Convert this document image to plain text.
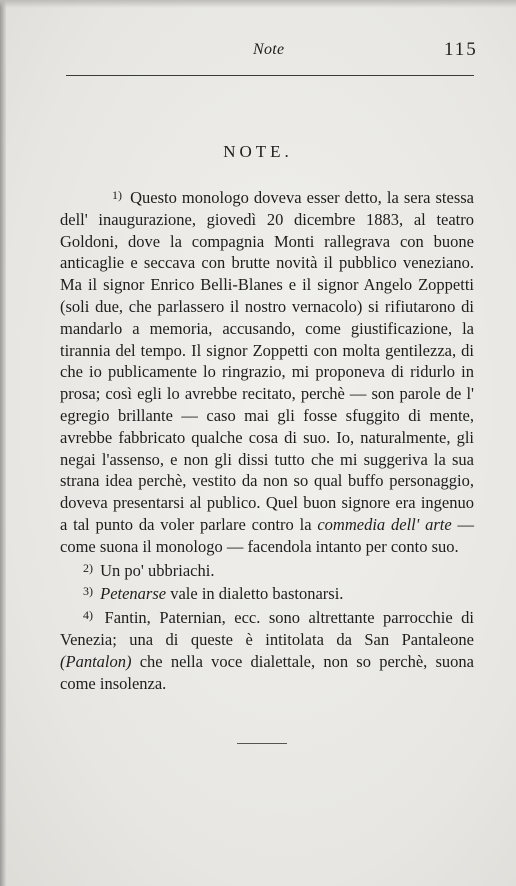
Note	115
NOTE.

$^{1)}$ Questo monologo doveva esser detto, la sera stessa dell' inaugurazione, giovedì 20 dicembre 1883, al teatro Goldoni, dove la compagnia Monti rallegrava con buone anticaglie e seccava con brutte novità il pubblico veneziano. Ma il signor Enrico Belli-Blanes e il signor Angelo Zoppetti (soli due, che parlassero il nostro vernacolo) si rifiutarono di mandarlo a memoria, accusando, come giustificazione, la tirannia del tempo. Il signor Zoppetti con molta gentilezza, di che io publicamente lo ringrazio, mi proponeva di ridurlo in prosa; così egli lo avrebbe recitato, perchè — son parole de l' egregio brillante — caso mai gli fosse sfuggito di mente, avrebbe fabbricato qualche cosa di suo. Io, naturalmente, gli negai l'assenso, e non gli dissi tutto che mi suggeriva la sua strana idea perchè, vestito da non so qual buffo personaggio, doveva presentarsi al publico. Quel buon signore era ingenuo a tal punto da voler parlare contro la commedia dell' arte — come suona il monologo — facendola intanto per conto suo.

$^{2)}$ Un po' ubbriachi.

$^{3)}$ Petenarse vale in dialetto bastonarsi.

$^{4)}$ Fantin, Paternian, ecc. sono altrettante parrocchie di Venezia; una di queste è intitolata da San Pantaleone (Pantalon) che nella voce dialettale, non so perchè, suona come insolenza.
